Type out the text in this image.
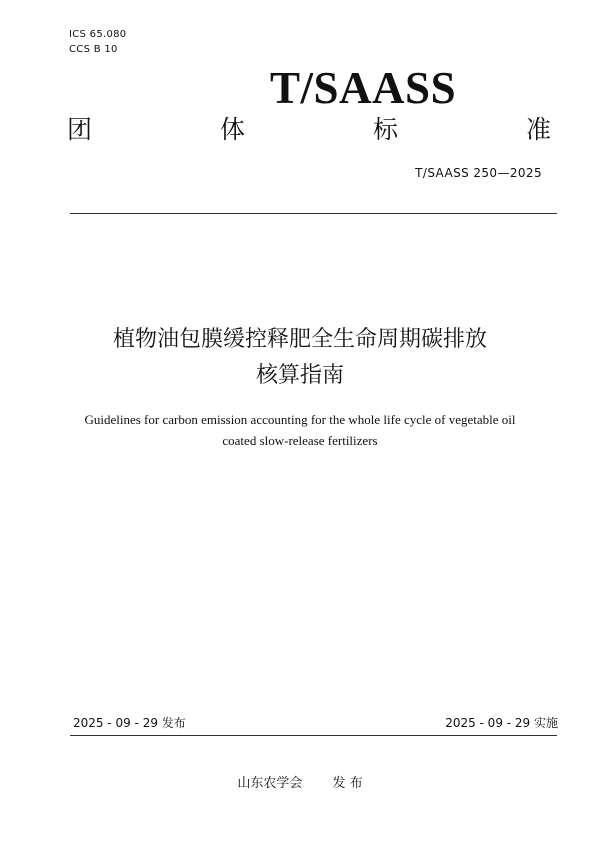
ICS 65.080
CCS B 10
T/SAASS
团	体	标	准
T/SAASS 250—2025
植物油包膜缓控释肥全生命周期碳排放
核算指南
Guidelines for carbon emission accounting for the whole life cycle of vegetable oil
coated slow-release fertilizers
2025 - 09 - 29 发布	2025 - 09 - 29 实施
山东农学会 发 布
